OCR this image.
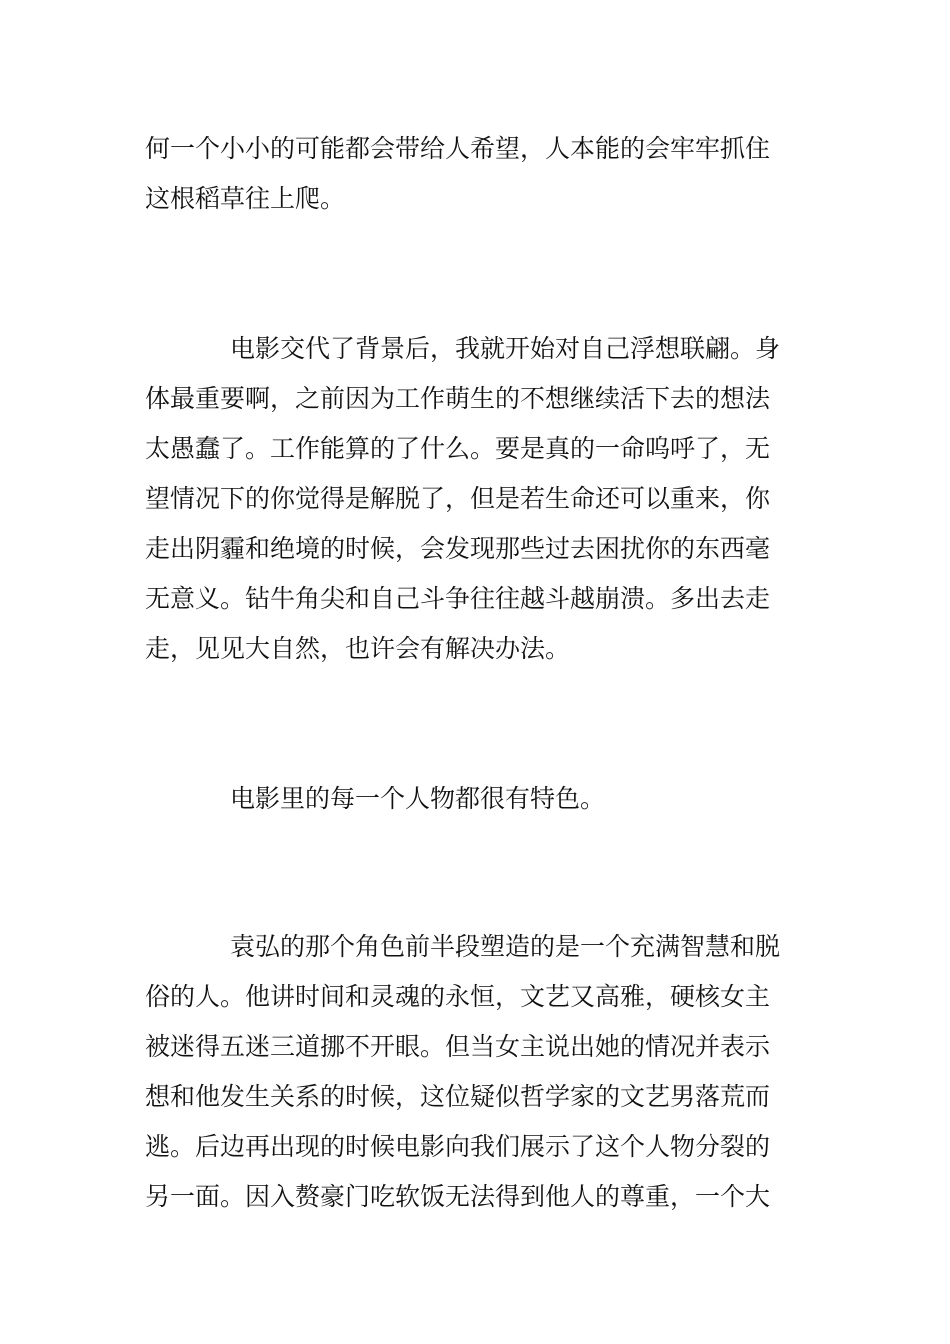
何一个小小的可能都会带给人希望，人本能的会牢牢抓住
这根稻草往上爬。
电影交代了背景后，我就开始对自己浮想联翩。身
体最重要啊，之前因为工作萌生的不想继续活下去的想法
太愚蠢了。工作能算的了什么。要是真的一命呜呼了，无
望情况下的你觉得是解脱了，但是若生命还可以重来，你
走出阴霾和绝境的时候，会发现那些过去困扰你的东西毫
无意义。钻牛角尖和自己斗争往往越斗越崩溃。多出去走
走，见见大自然，也许会有解决办法。
电影里的每一个人物都很有特色。
袁弘的那个角色前半段塑造的是一个充满智慧和脱
俗的人。他讲时间和灵魂的永恒，文艺又高雅，硬核女主
被迷得五迷三道挪不开眼。但当女主说出她的情况并表示
想和他发生关系的时候，这位疑似哲学家的文艺男落荒而
逃。后边再出现的时候电影向我们展示了这个人物分裂的
另一面。因入赘豪门吃软饭无法得到他人的尊重，一个大
